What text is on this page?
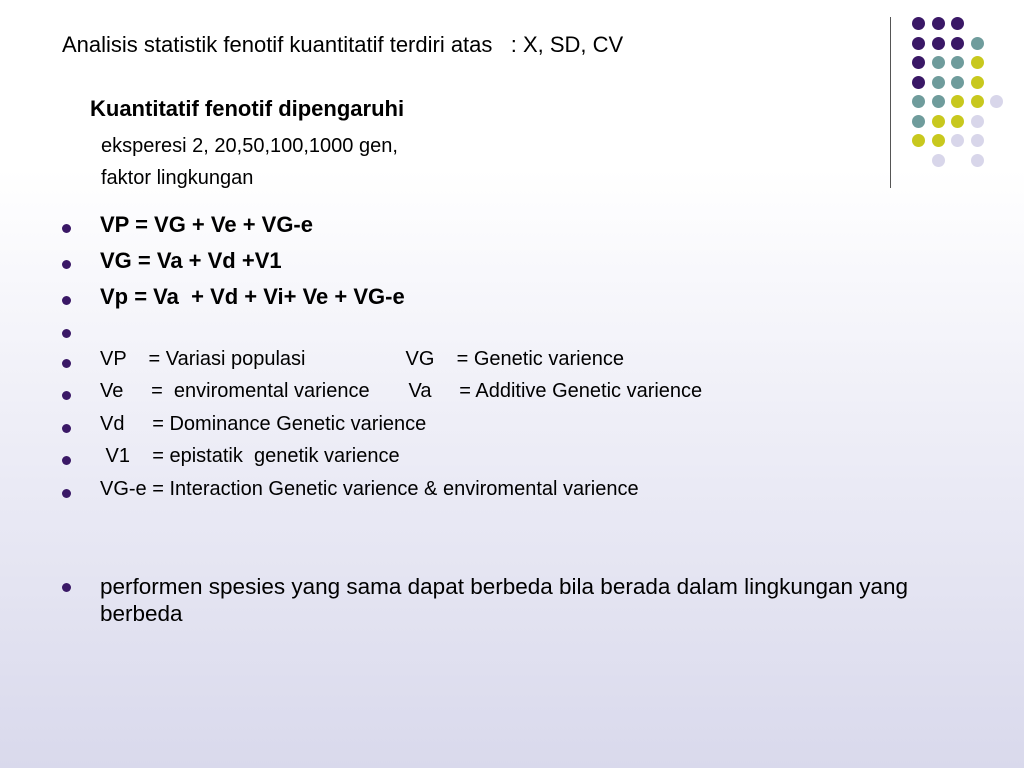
Analisis statistik fenotif kuantitatif terdiri atas   : X, SD, CV
Kuantitatif fenotif dipengaruhi
eksperesi 2, 20,50,100,1000 gen,
faktor lingkungan
VP = VG + Ve + VG-e
VG = Va + Vd +V1
Vp = Va  + Vd + Vi+ Ve + VG-e
VP    = Variasi populasi                  VG    = Genetic varience
Ve     =  enviromental varience       Va     = Additive Genetic varience
Vd     = Dominance Genetic varience
V1    = epistatik  genetik varience
VG-e = Interaction Genetic varience & enviromental varience
performen spesies yang sama dapat berbeda bila berada dalam lingkungan yang berbeda
